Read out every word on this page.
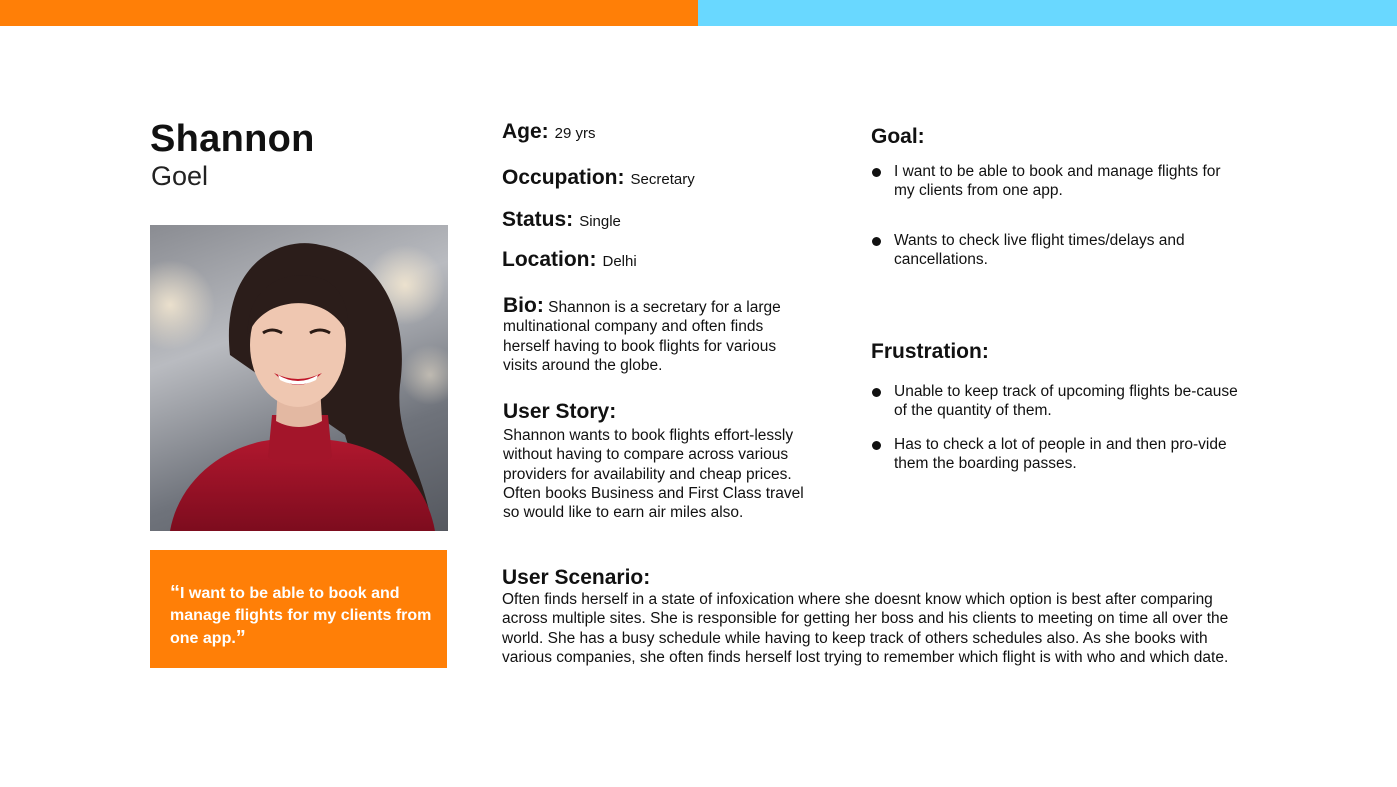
Shannon
Goel
“I want to be able to book and manage flights for my clients from one app.”
Age: 29 yrs
Occupation: Secretary
Status: Single
Location: Delhi
Bio: Shannon is a secretary for a large multinational company and often finds herself having to book flights for various visits around the globe.
User Story:
Shannon wants to book flights effort-lessly without having to compare across various providers for availability and cheap prices. Often books Business and First Class travel so would like to earn air miles also.
User Scenario:
Often finds herself in a state of infoxication where she doesnt know which option is best after comparing across multiple sites. She is responsible for getting her boss and his clients to meeting on time all over the world. She has a busy schedule while having to keep track of others schedules also. As she books with various companies, she often finds herself lost trying to remember which flight is with who and which date.
Goal:
I want to be able to book and manage flights for my clients from one app.
Wants to check live flight times/delays and cancellations.
Frustration:
Unable to keep track of upcoming flights be-cause of the quantity of them.
Has to check a lot of people in and then pro-vide them the boarding passes.
